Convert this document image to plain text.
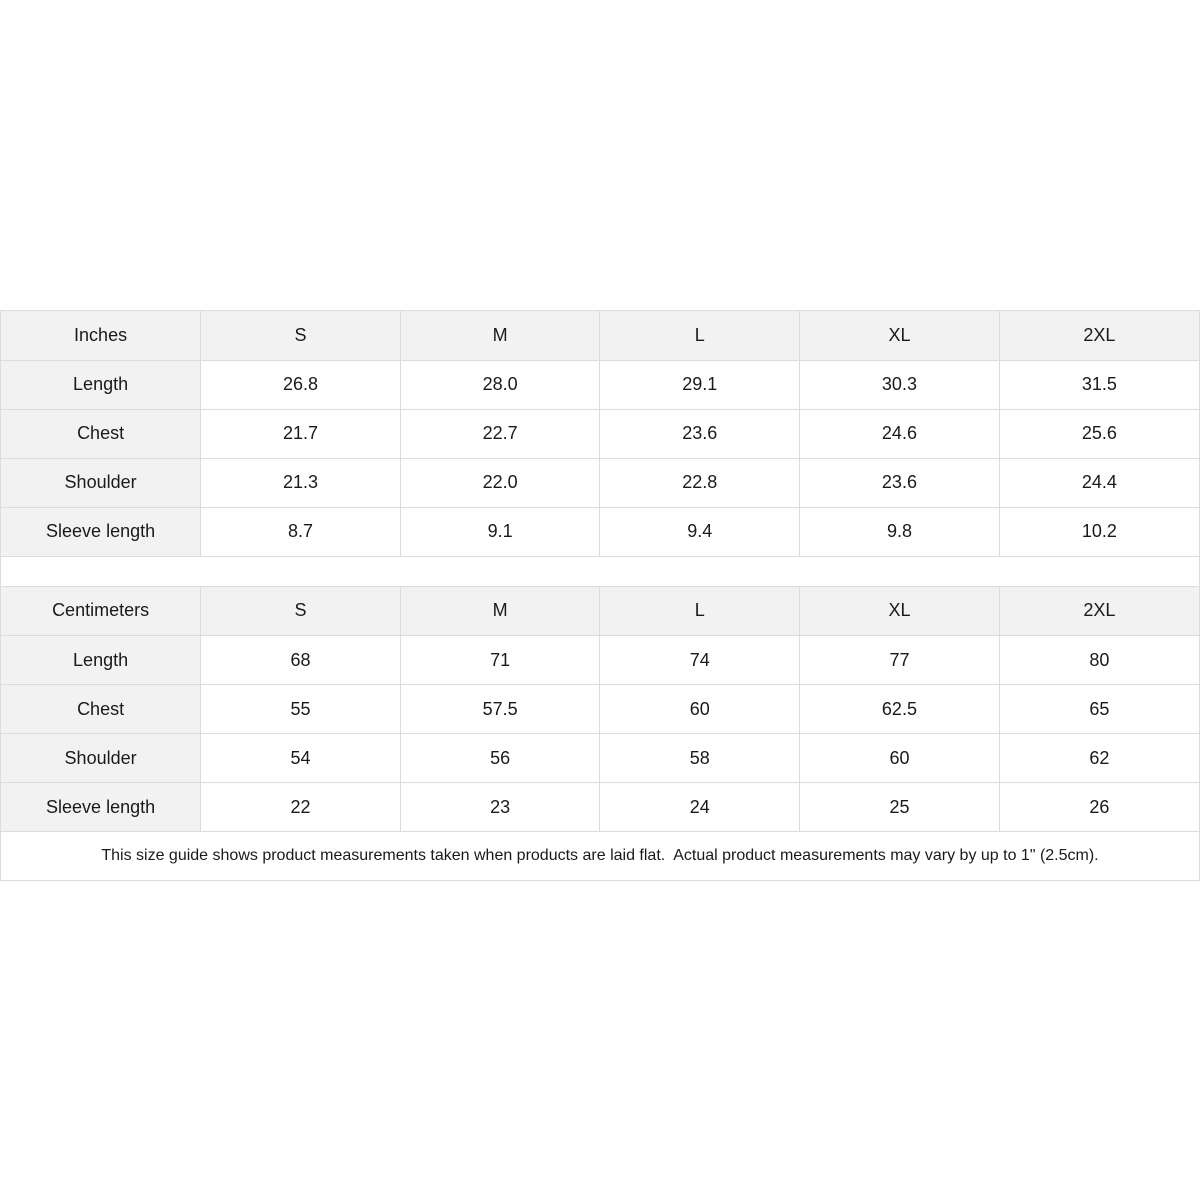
Inches	S	M	L	XL	2XL
Length	26.8	28.0	29.1	30.3	31.5
Chest	21.7	22.7	23.6	24.6	25.6
Shoulder	21.3	22.0	22.8	23.6	24.4
Sleeve length	8.7	9.1	9.4	9.8	10.2
Centimeters	S	M	L	XL	2XL
Length	68	71	74	77	80
Chest	55	57.5	60	62.5	65
Shoulder	54	56	58	60	62
Sleeve length	22	23	24	25	26
This size guide shows product measurements taken when products are laid flat.  Actual product measurements may vary by up to 1" (2.5cm).
